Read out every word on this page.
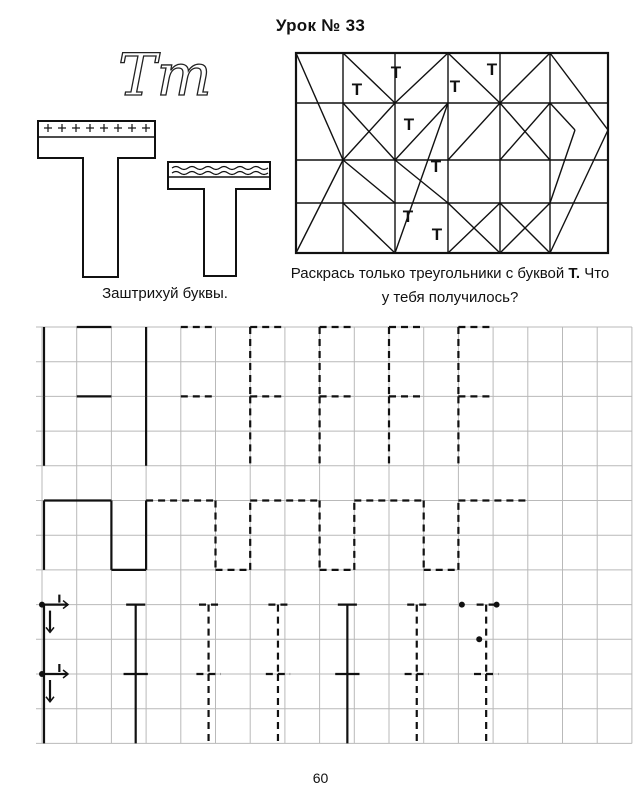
Урок № 33
Тт
Заштрихуй буквы.
Т
Т
Т
Т
Т
Т
Т
Т
Раскрась только треугольники с буквой Т. Что у тебя получилось?
60
